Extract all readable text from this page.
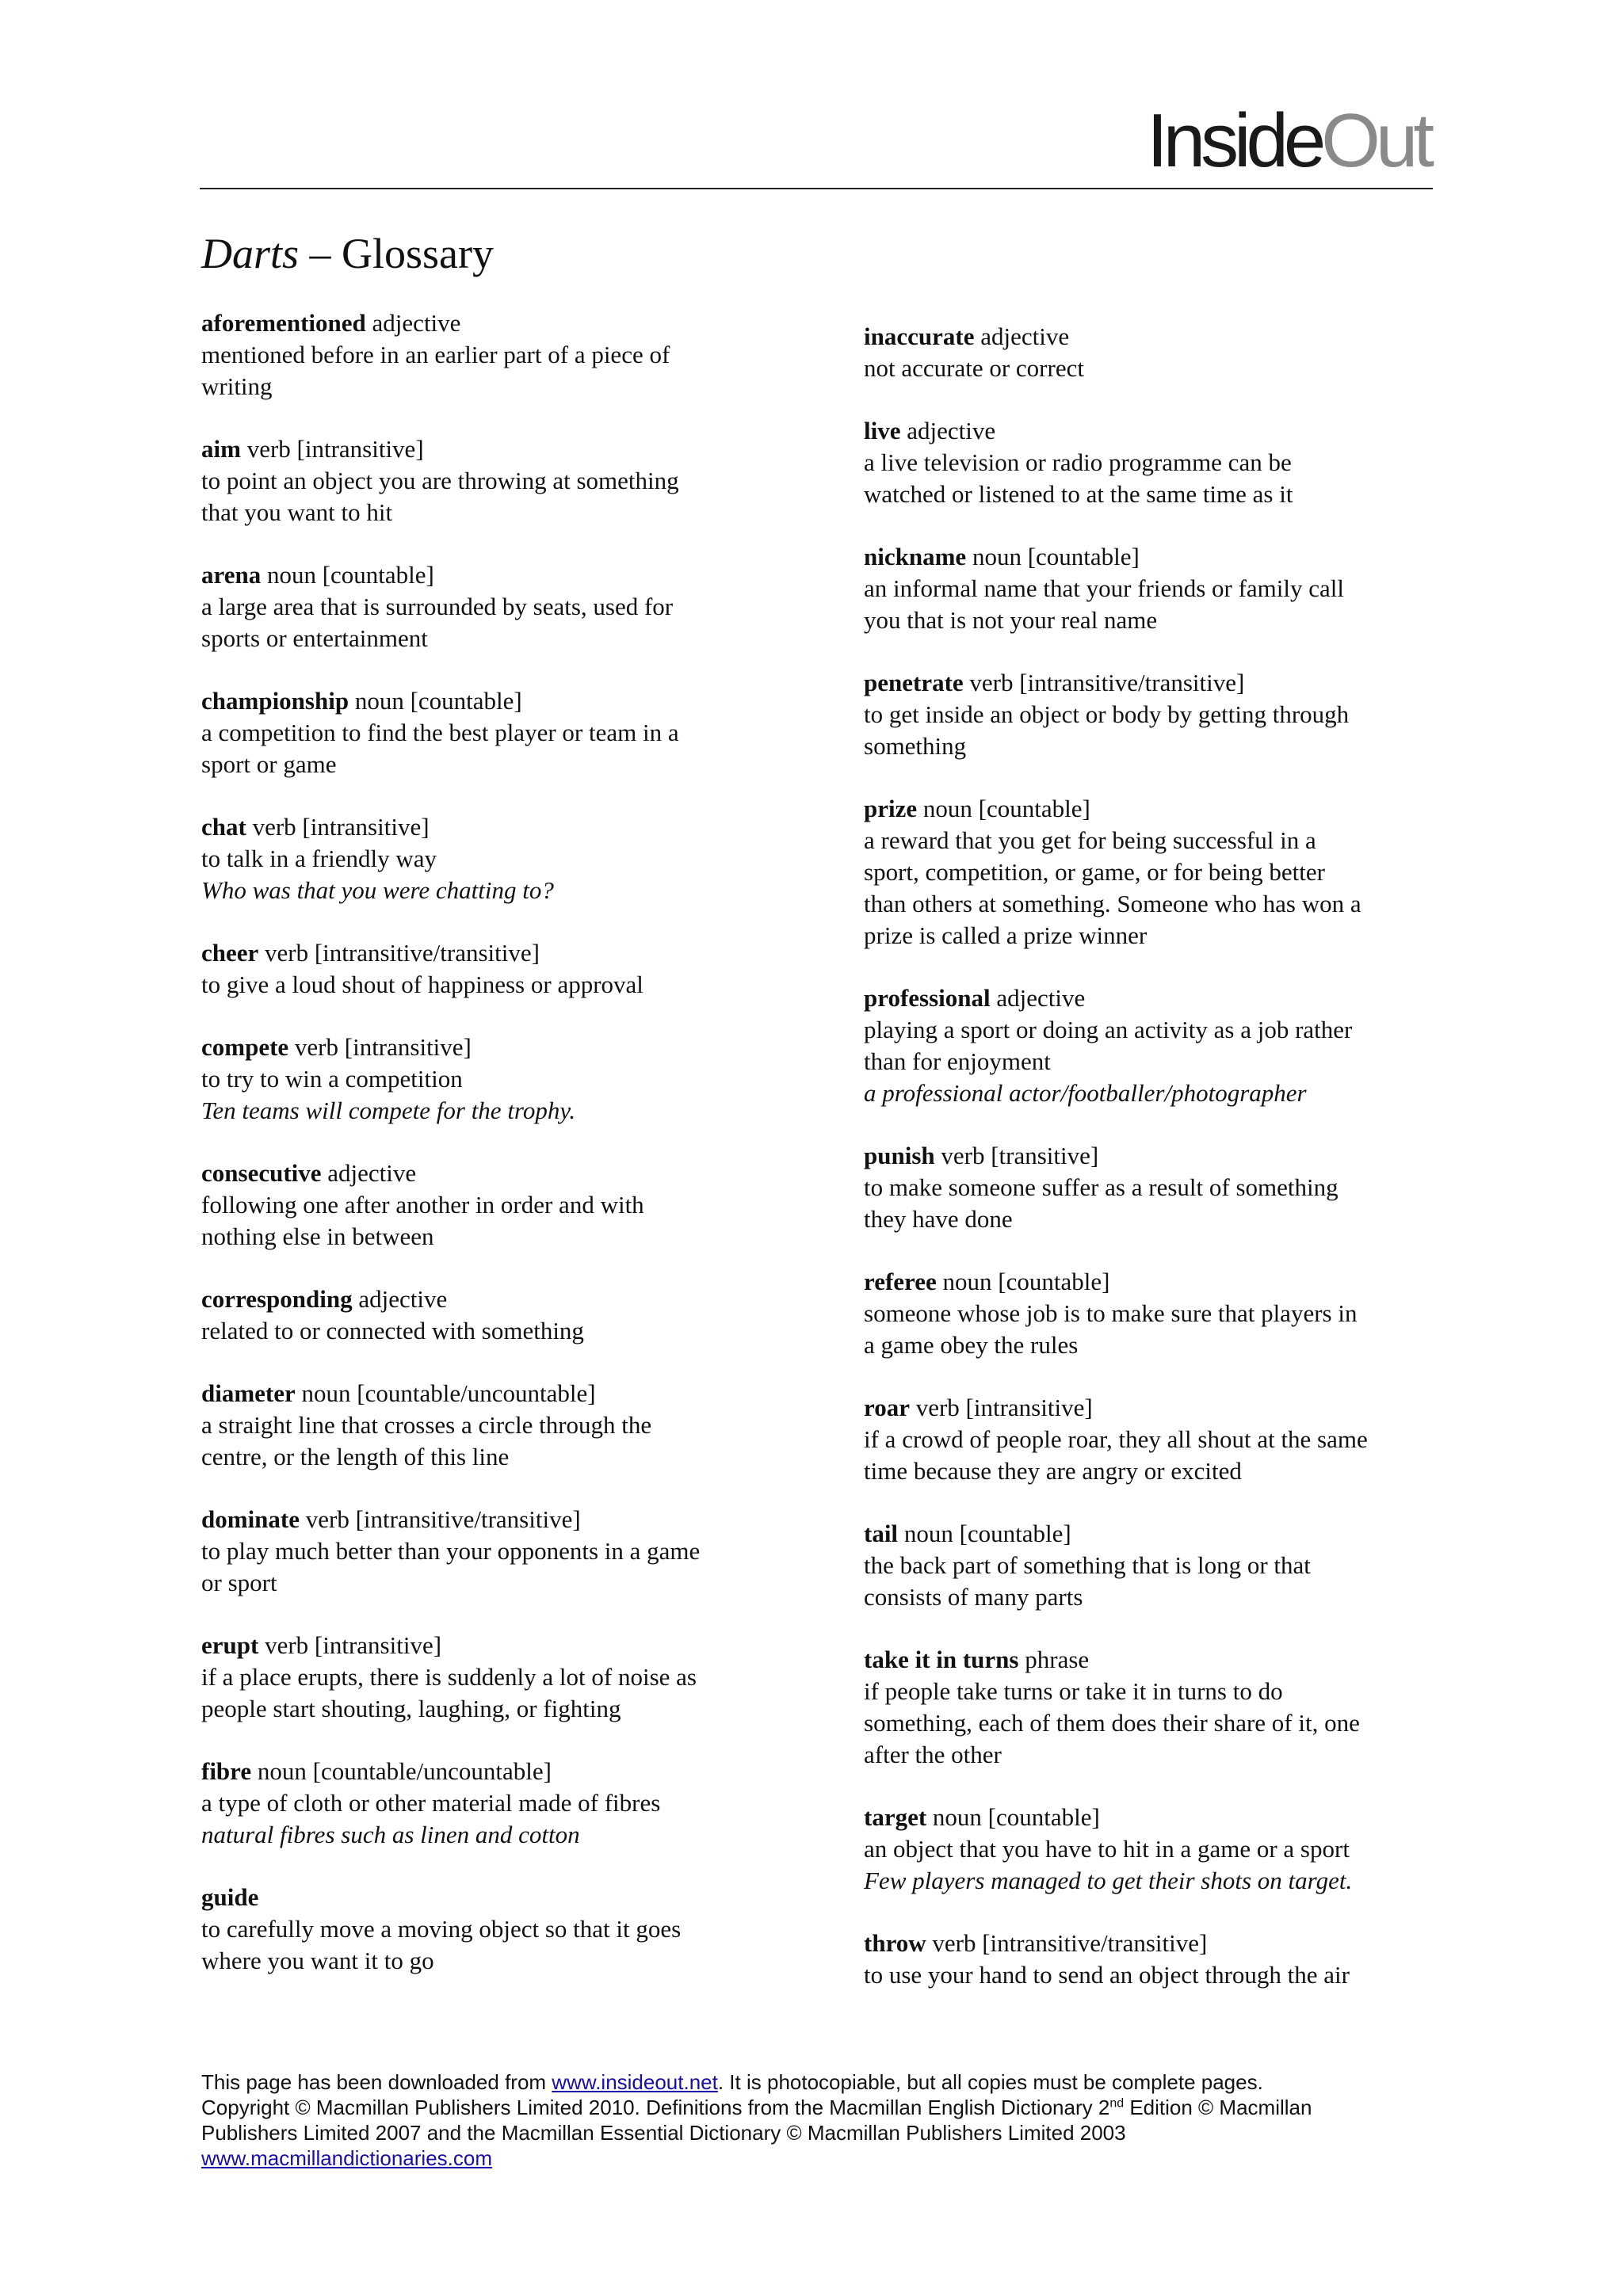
InsideOut
Darts – Glossary
aforementioned adjective
mentioned before in an earlier part of a piece of
writing
aim verb [intransitive]
to point an object you are throwing at something
that you want to hit
arena noun [countable]
a large area that is surrounded by seats, used for
sports or entertainment
championship noun [countable]
a competition to find the best player or team in a
sport or game
chat verb [intransitive]
to talk in a friendly way
Who was that you were chatting to?
cheer verb [intransitive/transitive]
to give a loud shout of happiness or approval
compete verb [intransitive]
to try to win a competition
Ten teams will compete for the trophy.
consecutive adjective
following one after another in order and with
nothing else in between
corresponding adjective
related to or connected with something
diameter noun [countable/uncountable]
a straight line that crosses a circle through the
centre, or the length of this line
dominate verb [intransitive/transitive]
to play much better than your opponents in a game
or sport
erupt verb [intransitive]
if a place erupts, there is suddenly a lot of noise as
people start shouting, laughing, or fighting
fibre noun [countable/uncountable]
a type of cloth or other material made of fibres
natural fibres such as linen and cotton
guide
to carefully move a moving object so that it goes
where you want it to go
inaccurate adjective
not accurate or correct
live adjective
a live television or radio programme can be
watched or listened to at the same time as it
nickname noun [countable]
an informal name that your friends or family call
you that is not your real name
penetrate verb [intransitive/transitive]
to get inside an object or body by getting through
something
prize noun [countable]
a reward that you get for being successful in a
sport, competition, or game, or for being better
than others at something. Someone who has won a
prize is called a prize winner
professional adjective
playing a sport or doing an activity as a job rather
than for enjoyment
a professional actor/footballer/photographer
punish verb [transitive]
to make someone suffer as a result of something
they have done
referee noun [countable]
someone whose job is to make sure that players in
a game obey the rules
roar verb [intransitive]
if a crowd of people roar, they all shout at the same
time because they are angry or excited
tail noun [countable]
the back part of something that is long or that
consists of many parts
take it in turns phrase
if people take turns or take it in turns to do
something, each of them does their share of it, one
after the other
target noun [countable]
an object that you have to hit in a game or a sport
Few players managed to get their shots on target.
throw verb [intransitive/transitive]
to use your hand to send an object through the air
This page has been downloaded from www.insideout.net. It is photocopiable, but all copies must be complete pages.
Copyright © Macmillan Publishers Limited 2010. Definitions from the Macmillan English Dictionary 2nd Edition © Macmillan
Publishers Limited 2007 and the Macmillan Essential Dictionary © Macmillan Publishers Limited 2003
www.macmillandictionaries.com
